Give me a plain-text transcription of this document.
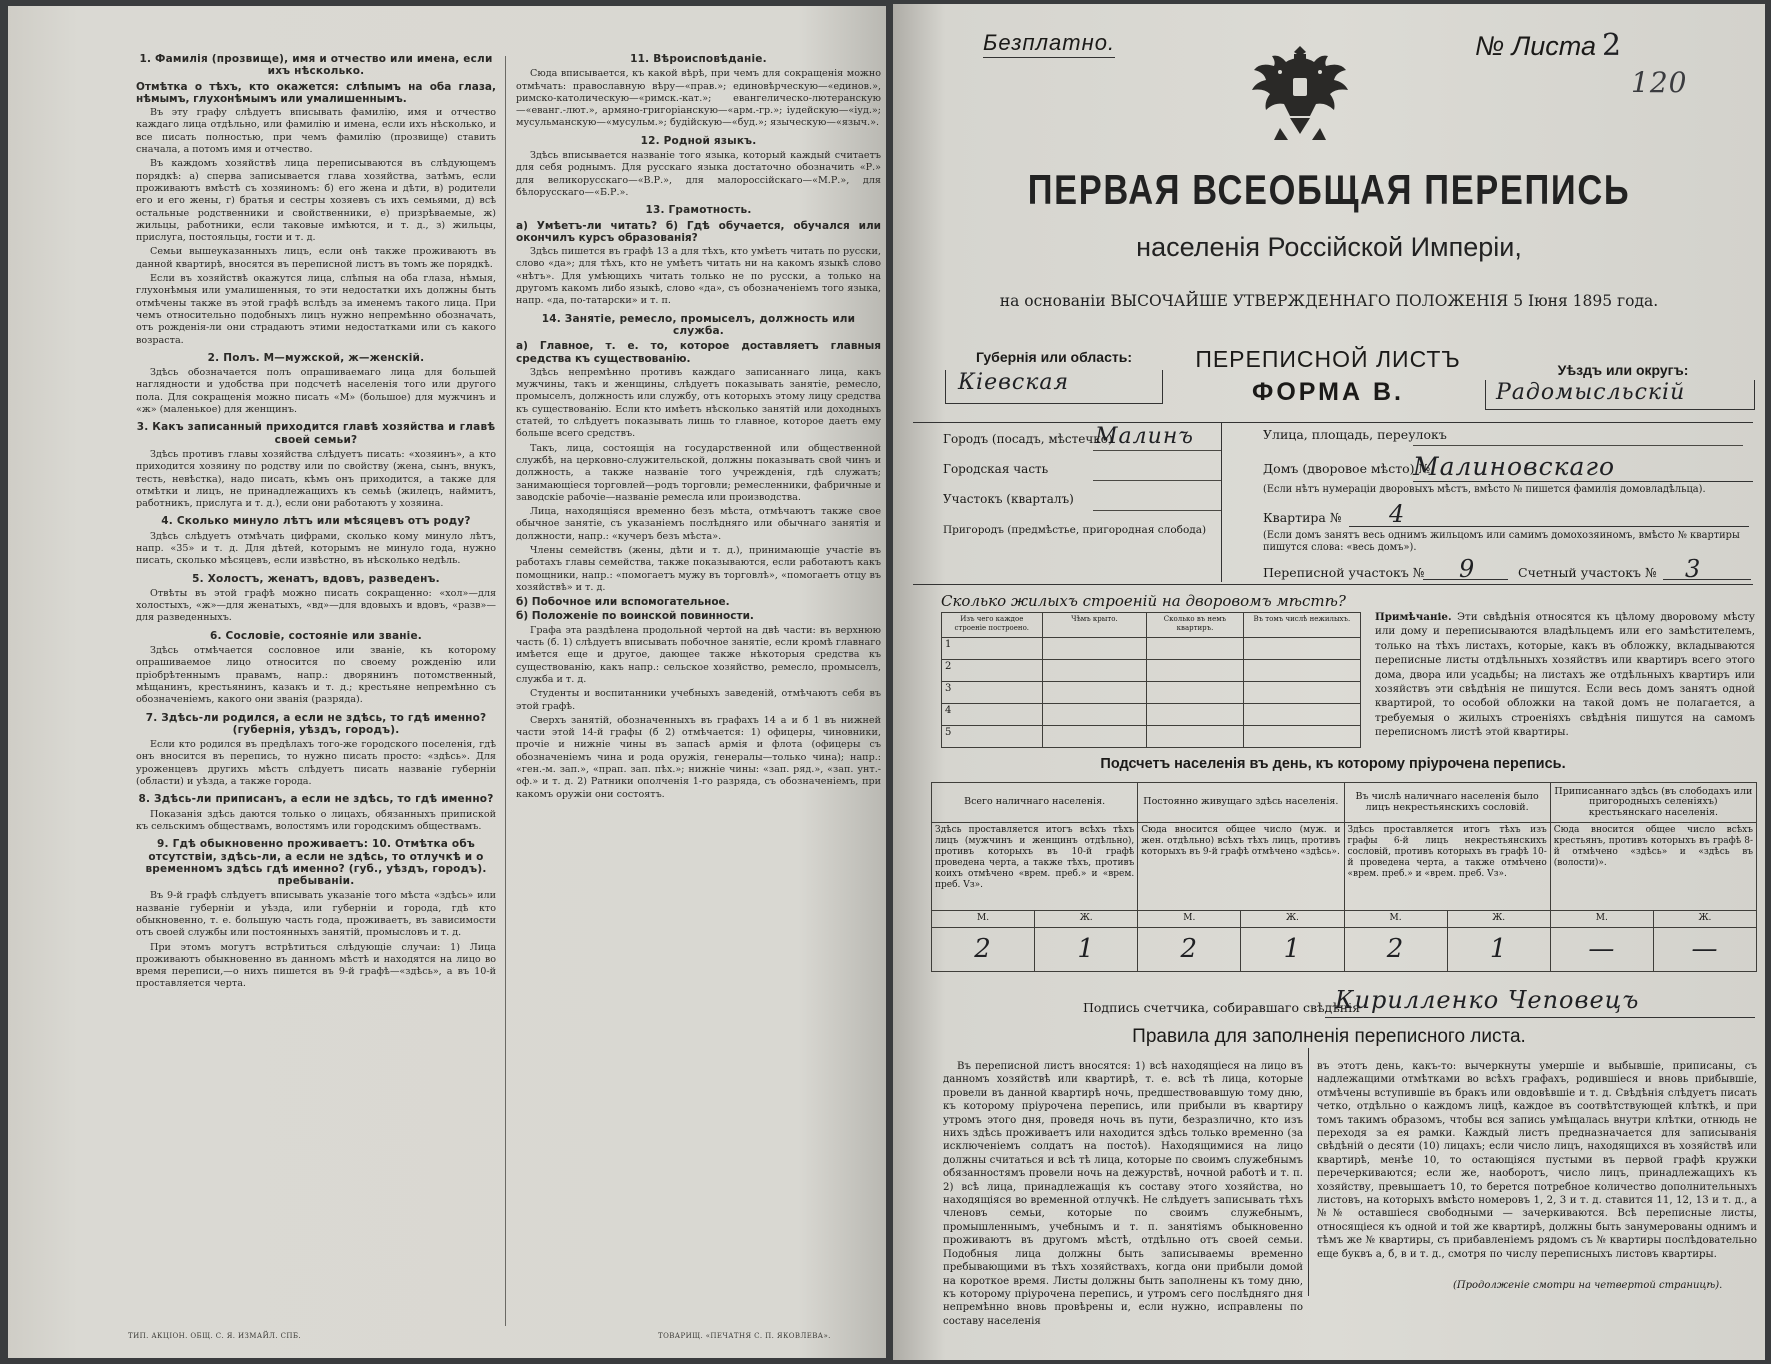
1. Фамилія (прозвище), имя и отчество или имена, если ихъ нѣсколько.

Отмѣтка о тѣхъ, кто окажется: слѣпымъ на оба глаза, нѣмымъ, глухонѣмымъ или умалишеннымъ.

Въ эту графу слѣдуетъ вписывать фамилію, имя и отчество каждаго лица отдѣльно, или фамилію и имена, если ихъ нѣсколько, и все писать полностью, при чемъ фамилію (прозвище) ставить сначала, а потомъ имя и отчество.

Въ каждомъ хозяйствѣ лица переписываются въ слѣдующемъ порядкѣ: а) сперва записывается глава хозяйства, затѣмъ, если проживаютъ вмѣстѣ съ хозяиномъ: б) его жена и дѣти, в) родители его и его жены, г) братья и сестры хозяевъ съ ихъ семьями, д) всѣ остальные родственники и свойственники, е) призрѣваемые, ж) жильцы, работники, если таковые имѣются, и т. д., з) жильцы, прислуга, постояльцы, гости и т. д.

Семьи вышеуказанныхъ лицъ, если онѣ также проживаютъ въ данной квартирѣ, вносятся въ переписной листъ въ томъ же порядкѣ.

Если въ хозяйствѣ окажутся лица, слѣпыя на оба глаза, нѣмыя, глухонѣмыя или умалишенныя, то эти недостатки ихъ должны быть отмѣчены также въ этой графѣ вслѣдъ за именемъ такого лица. При чемъ относительно подобныхъ лицъ нужно непремѣнно обозначать, отъ рожденія-ли они страдаютъ этими недостатками или съ какого возраста.

2. Полъ. М—мужской, ж—женскій.

Здѣсь обозначается полъ опрашиваемаго лица для большей наглядности и удобства при подсчетѣ населенія того или другого пола. Для сокращенія можно писать «М» (большое) для мужчинъ и «ж» (маленькое) для женщинъ.

3. Какъ записанный приходится главѣ хозяйства и главѣ своей семьи?

Здѣсь противъ главы хозяйства слѣдуетъ писать: «хозяинъ», а кто приходится хозяину по родству или по свойству (жена, сынъ, внукъ, тесть, невѣстка), надо писать, кѣмъ онъ приходится, а также для отмѣтки и лицъ, не принадлежащихъ къ семьѣ (жилецъ, наймитъ, работникъ, прислуга и т. д.), если они работаютъ у хозяина.

4. Сколько минуло лѣтъ или мѣсяцевъ отъ роду?

Здѣсь слѣдуетъ отмѣчать цифрами, сколько кому минуло лѣтъ, напр. «35» и т. д. Для дѣтей, которымъ не минуло года, нужно писать, сколько мѣсяцевъ, если извѣстно, въ нѣсколько недѣль.

5. Холостъ, женатъ, вдовъ, разведенъ.

Отвѣты въ этой графѣ можно писать сокращенно: «хол»—для холостыхъ, «ж»—для женатыхъ, «вд»—для вдовыхъ и вдовъ, «разв»—для разведенныхъ.

6. Сословіе, состояніе или званіе.

Здѣсь отмѣчается сословное или званіе, къ которому опрашиваемое лицо относится по своему рожденію или пріобрѣтеннымъ правамъ, напр.: дворянинъ потомственный, мѣщанинъ, крестьянинъ, казакъ и т. д.; крестьяне непремѣнно съ обозначеніемъ, какого они званія (разряда).

7. Здѣсь-ли родился, а если не здѣсь, то гдѣ именно? (губернія, уѣздъ, городъ).

Если кто родился въ предѣлахъ того-же городского поселенія, гдѣ онъ вносится въ перепись, то нужно писать просто: «здѣсь». Для уроженцевъ другихъ мѣстъ слѣдуетъ писать названіе губерніи (области) и уѣзда, а также города.

8. Здѣсь-ли приписанъ, а если не здѣсь, то гдѣ именно?

Показанія здѣсь даются только о лицахъ, обязанныхъ припиской къ сельскимъ обществамъ, волостямъ или городскимъ обществамъ.

9. Гдѣ обыкновенно проживаетъ: 10. Отмѣтка объ отсутствіи, здѣсь-ли, а если не здѣсь, то отлучкѣ и о временномъ здѣсь гдѣ именно? (губ., уѣздъ, городъ). пребываніи.

Въ 9-й графѣ слѣдуетъ вписывать указаніе того мѣста «здѣсь» или названіе губерніи и уѣзда, или губерніи и города, гдѣ кто обыкновенно, т. е. большую часть года, проживаетъ, въ зависимости отъ своей службы или постоянныхъ занятій, промысловъ и т. д.

При этомъ могутъ встрѣтиться слѣдующіе случаи: 1) Лица проживаютъ обыкновенно въ данномъ мѣстѣ и находятся на лицо во время переписи,—о нихъ пишется въ 9-й графѣ—«здѣсь», а въ 10-й проставляется черта.

11. Вѣроисповѣданіе.

Сюда вписывается, къ какой вѣрѣ, при чемъ для сокращенія можно отмѣчать: православную вѣру—«прав.»; единовѣрческую—«единов.», римско-католическую—«римск.-кат.»; евангелическо-лютеранскую—«еванг.-лют.», армяно-григоріанскую—«арм.-гр.»; іудейскую—«іуд.»; мусульманскую—«мусульм.»; будійскую—«буд.»; языческую—«языч.».

12. Родной языкъ.

Здѣсь вписывается названіе того языка, который каждый считаетъ для себя роднымъ. Для русскаго языка достаточно обозначить «Р.» для великорусскаго—«В.Р.», для малороссійскаго—«М.Р.», для бѣлорусскаго—«Б.Р.».

13. Грамотность.

а) Умѣетъ-ли читать? б) Гдѣ обучается, обучался или окончилъ курсъ образованія?

Здѣсь пишется въ графѣ 13 а для тѣхъ, кто умѣетъ читать по русски, слово «да»; для тѣхъ, кто не умѣетъ читать ни на какомъ языкѣ слово «нѣтъ». Для умѣющихъ читать только не по русски, а только на другомъ какомъ либо языкѣ, слово «да», съ обозначеніемъ того языка, напр. «да, по-татарски» и т. п.

14. Занятіе, ремесло, промыселъ, должность или служба.

а) Главное, т. е. то, которое доставляетъ главныя средства къ существованію.

Здѣсь непремѣнно противъ каждаго записаннаго лица, какъ мужчины, такъ и женщины, слѣдуетъ показывать занятіе, ремесло, промыселъ, должность или службу, отъ которыхъ этому лицу средства къ существованію. Если кто имѣетъ нѣсколько занятій или доходныхъ статей, то слѣдуетъ показывать лишь то главное, которое даетъ ему больше всего средствъ.

Такъ, лица, состоящія на государственной или общественной службѣ, на церковно-служительской, должны показывать свой чинъ и должность, а также названіе того учрежденія, гдѣ служатъ; занимающіеся торговлей—родъ торговли; ремесленники, фабричные и заводскіе рабочіе—названіе ремесла или производства.

Лица, находящіяся временно безъ мѣста, отмѣчаютъ также свое обычное занятіе, съ указаніемъ послѣдняго или обычнаго занятія и должности, напр.: «кучеръ безъ мѣста».

Члены семействъ (жены, дѣти и т. д.), принимающіе участіе въ работахъ главы семейства, также показываются, если работаютъ какъ помощники, напр.: «помогаетъ мужу въ торговлѣ», «помогаетъ отцу въ хозяйствѣ» и т. д.

б) Побочное или вспомогательное.

б) Положеніе по воинской повинности.

Графа эта раздѣлена продольной чертой на двѣ части: въ верхнюю часть (б. 1) слѣдуетъ вписывать побочное занятіе, если кромѣ главнаго имѣется еще и другое, дающее также нѣкоторыя средства къ существованію, какъ напр.: сельское хозяйство, ремесло, промыселъ, служба и т. д.

Студенты и воспитанники учебныхъ заведеній, отмѣчаютъ себя въ этой графѣ.

Сверхъ занятій, обозначенныхъ въ графахъ 14 а и б 1 въ нижней части этой 14-й графы (б 2) отмѣчается: 1) офицеры, чиновники, прочіе и нижніе чины въ запасѣ армія и флота (офицеры съ обозначеніемъ чина и рода оружія, генералы—только чина); напр.: «ген.-м. зап.», «прап. зап. пѣх.»; нижніе чины: «зап. ряд.», «зап. унт.-оф.» и т. д. 2) Ратники ополченія 1-го разряда, съ обозначеніемъ, при какомъ оружіи они состоятъ.

ТИП. АКЦІОН. ОБЩ. С. Я. ИЗМАЙЛ. СПБ.	ТОВАРИЩ. «ПЕЧАТНЯ С. П. ЯКОВЛЕВА».
Безплатно.	№ Листа 2
120
ПЕРВАЯ ВСЕОБЩАЯ ПЕРЕПИСЬ
населенія Россійской Имперіи,
на основаніи ВЫСОЧАЙШЕ УТВЕРЖДЕННАГО ПОЛОЖЕНІЯ 5 Іюня 1895 года.
Губернія или область:
Кіевская
ПЕРЕПИСНОЙ ЛИСТЪ
ФОРМА В.
Уѣздъ или округъ:
Радомысльскій
Городъ (посадъ, мѣстечко)
Малинъ
Городская часть
Участокъ (кварталъ)
Пригородъ (предмѣстье, пригородная слобода)
Улица, площадь, переулокъ
Домъ (дворовое мѣсто) №
Малиновскаго
(Если нѣтъ нумераціи дворовыхъ мѣстъ, вмѣсто № пишется фамилія домовладѣльца).
Квартира №	4
(Если домъ занятъ весь однимъ жильцомъ или самимъ домохозяиномъ, вмѣсто № квартиры пишутся слова: «весь домъ»).
Переписной участокъ №	9	Счетный участокъ №	3
Сколько жилыхъ строеній на дворовомъ мѣстѣ?
Изъ чего каждое строеніе построено.	Чѣмъ крыто.	Сколько въ немъ квартиръ.	Въ томъ числѣ нежилыхъ.
1			
2			
3			
4			
5			
Примѣчаніе. Эти свѣдѣнія относятся къ цѣлому дворовому мѣсту или дому и переписываются владѣльцемъ или его замѣстителемъ, только на тѣхъ листахъ, которые, какъ въ обложку, вкладываются переписные листы отдѣльныхъ хозяйствъ или квартиръ всего этого дома, двора или усадьбы; на листахъ же отдѣльныхъ квартиръ или хозяйствъ эти свѣдѣнія не пишутся. Если весь домъ занятъ одной квартирой, то особой обложки на такой домъ не полагается, а требуемыя о жилыхъ строеніяхъ свѣдѣнія пишутся на самомъ переписномъ листѣ этой квартиры.
Подсчетъ населенія въ день, къ которому пріурочена перепись.
Всего наличнаго населенія.		Постоянно живущаго здѣсь населенія.		Въ числѣ наличнаго населенія было лицъ некрестьянскихъ сословій.		Приписаннаго здѣсь (въ слободахъ или пригородныхъ селеніяхъ) крестьянскаго населенія.	
Здѣсь проставляется итогъ всѣхъ тѣхъ лицъ (мужчинъ и женщинъ отдѣльно), противъ которыхъ въ 10-й графѣ проведена черта, а также тѣхъ, противъ коихъ отмѣчено «врем. преб.» и «врем. преб. Vз».		Сюда вносится общее число (муж. и жен. отдѣльно) всѣхъ тѣхъ лицъ, противъ которыхъ въ 9-й графѣ отмѣчено «здѣсь».		Здѣсь проставляется итогъ тѣхъ изъ графы 6-й лицъ некрестьянскихъ сословій, противъ которыхъ въ графѣ 10-й проведена черта, а также отмѣчено «врем. преб.» и «врем. преб. Vз».		Сюда вносится общее число всѣхъ крестьянъ, противъ которыхъ въ графѣ 8-й отмѣчено «здѣсь» и «здѣсь въ (волости)».	
М.	Ж.	М.	Ж.	М.	Ж.	М.	Ж.
2	1	2	1	2	1	—	—
Подпись счетчика, собиравшаго свѣдѣнія
Кирилленко Чеповецъ
Правила для заполненія переписного листа.
Въ переписной листъ вносятся: 1) всѣ находящіеся на лицо въ данномъ хозяйствѣ или квартирѣ, т. е. всѣ тѣ лица, которые провели въ данной квартирѣ ночь, предшествовавшую тому дню, къ которому пріурочена перепись, или прибыли въ квартиру утромъ этого дня, проведя ночь въ пути, безразлично, кто изъ нихъ здѣсь проживаетъ или находится здѣсь только временно (за исключеніемъ солдатъ на постоѣ). Находящимися на лицо должны считаться и всѣ тѣ лица, которые по своимъ служебнымъ обязанностямъ провели ночь на дежурствѣ, ночной работѣ и т. п. 2) всѣ лица, принадлежащія къ составу этого хозяйства, но находящіяся во временной отлучкѣ. Не слѣдуетъ записывать тѣхъ членовъ семьи, которые по своимъ служебнымъ, промышленнымъ, учебнымъ и т. п. занятіямъ обыкновенно проживаютъ въ другомъ мѣстѣ, отдѣльно отъ своей семьи. Подобныя лица должны быть записываемы временно пребывающими въ тѣхъ хозяйствахъ, когда они прибыли домой на короткое время. Листы должны быть заполнены къ тому дню, къ которому пріурочена перепись, и утромъ сего послѣдняго дня непремѣнно вновь провѣрены и, если нужно, исправлены по составу населенія
въ этотъ день, какъ-то: вычеркнуты умершіе и выбывшіе, приписаны, съ надлежащими отмѣтками во всѣхъ графахъ, родившіеся и вновь прибывшіе, отмѣчены вступившіе въ бракъ или овдовѣвшіе и т. д. Свѣдѣнія слѣдуетъ писать четко, отдѣльно о каждомъ лицѣ, каждое въ соотвѣтствующей клѣткѣ, и при томъ такимъ образомъ, чтобы вся запись умѣщалась внутри клѣтки, отнюдь не переходя за ея рамки. Каждый листъ предназначается для записыванія свѣдѣній о десяти (10) лицахъ; если число лицъ, находящихся въ хозяйствѣ или квартирѣ, менѣе 10, то остающіяся пустыми въ первой графѣ кружки перечеркиваются; если же, наоборотъ, число лицъ, принадлежащихъ къ хозяйству, превышаетъ 10, то берется потребное количество дополнительныхъ листовъ, на которыхъ вмѣсто номеровъ 1, 2, 3 и т. д. ставится 11, 12, 13 и т. д., а №№ оставшіеся свободными — зачеркиваются. Всѣ переписные листы, относящіеся къ одной и той же квартирѣ, должны быть занумерованы однимъ и тѣмъ же № квартиры, съ прибавленіемъ рядомъ съ № квартиры послѣдовательно еще буквъ а, б, в и т. д., смотря по числу переписныхъ листовъ квартиры.
(Продолженіе смотри на четвертой страницѣ).
